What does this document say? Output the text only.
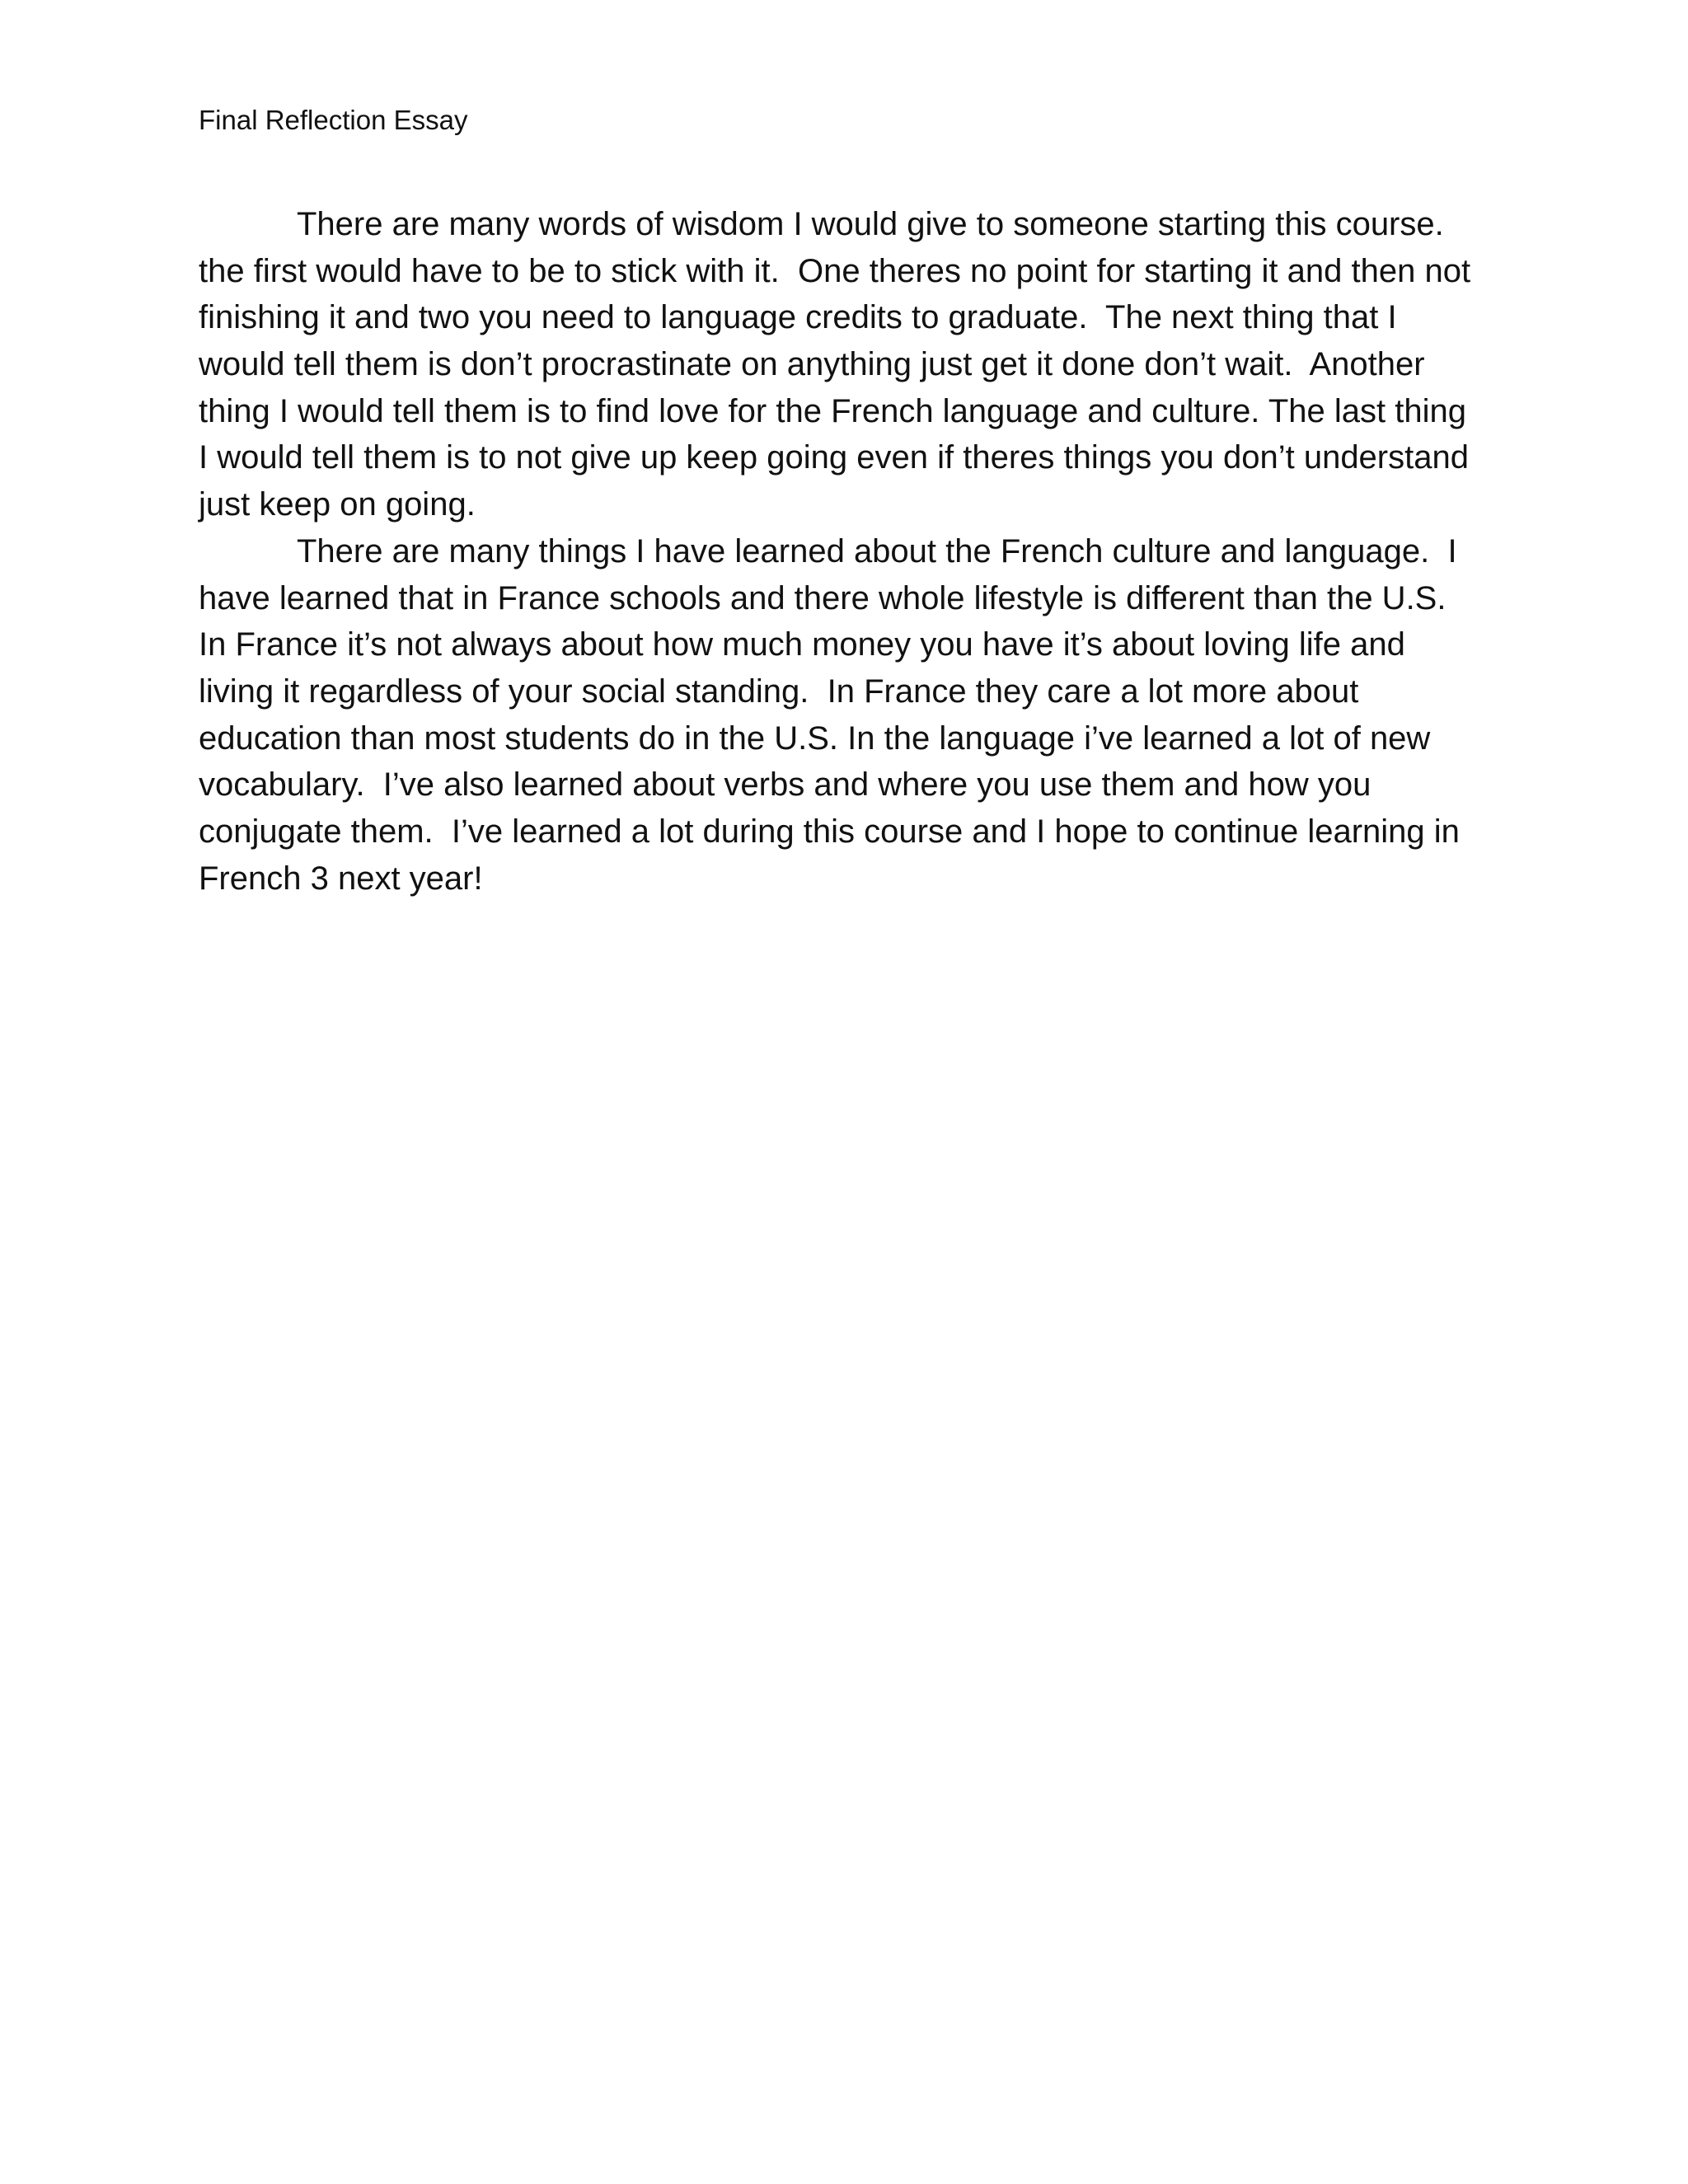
Final Reflection Essay
There are many words of wisdom I would give to someone starting this course.
the first would have to be to stick with it.  One theres no point for starting it and then not
finishing it and two you need to language credits to graduate.  The next thing that I
would tell them is don’t procrastinate on anything just get it done don’t wait.  Another
thing I would tell them is to find love for the French language and culture. The last thing
I would tell them is to not give up keep going even if theres things you don’t understand
just keep on going.
There are many things I have learned about the French culture and language.  I
have learned that in France schools and there whole lifestyle is different than the U.S.
In France it’s not always about how much money you have it’s about loving life and
living it regardless of your social standing.  In France they care a lot more about
education than most students do in the U.S. In the language i’ve learned a lot of new
vocabulary.  I’ve also learned about verbs and where you use them and how you
conjugate them.  I’ve learned a lot during this course and I hope to continue learning in
French 3 next year!
